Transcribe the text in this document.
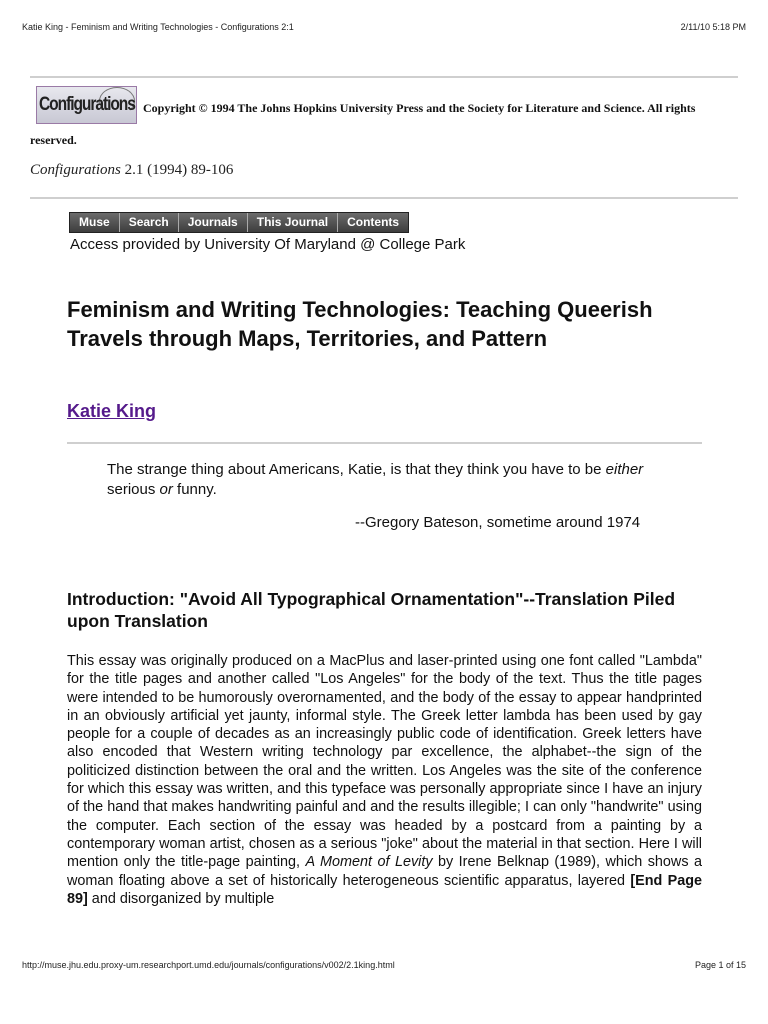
Katie King - Feminism and Writing Technologies - Configurations 2:1	2/11/10 5:18 PM
Copyright © 1994 The Johns Hopkins University Press and the Society for Literature and Science. All rights reserved.
Configurations
Configurations 2.1 (1994) 89-106
Muse	Search	Journals	This Journal	Contents
Access provided by University Of Maryland @ College Park
Feminism and Writing Technologies: Teaching Queerish Travels through Maps, Territories, and Pattern
Katie King
The strange thing about Americans, Katie, is that they think you have to be either serious or funny.
--Gregory Bateson, sometime around 1974
Introduction: "Avoid All Typographical Ornamentation"--Translation Piled upon Translation
This essay was originally produced on a MacPlus and laser-printed using one font called "Lambda" for the title pages and another called "Los Angeles" for the body of the text. Thus the title pages were intended to be humorously overornamented, and the body of the essay to appear handprinted in an obviously artificial yet jaunty, informal style. The Greek letter lambda has been used by gay people for a couple of decades as an increasingly public code of identification. Greek letters have also encoded that Western writing technology par excellence, the alphabet--the sign of the politicized distinction between the oral and the written. Los Angeles was the site of the conference for which this essay was written, and this typeface was personally appropriate since I have an injury of the hand that makes handwriting painful and and the results illegible; I can only "handwrite" using the computer. Each section of the essay was headed by a postcard from a painting by a contemporary woman artist, chosen as a serious "joke" about the material in that section. Here I will mention only the title-page painting, A Moment of Levity by Irene Belknap (1989), which shows a woman floating above a set of historically heterogeneous scientific apparatus, layered [End Page 89] and disorganized by multiple
http://muse.jhu.edu.proxy-um.researchport.umd.edu/journals/configurations/v002/2.1king.html	Page 1 of 15
